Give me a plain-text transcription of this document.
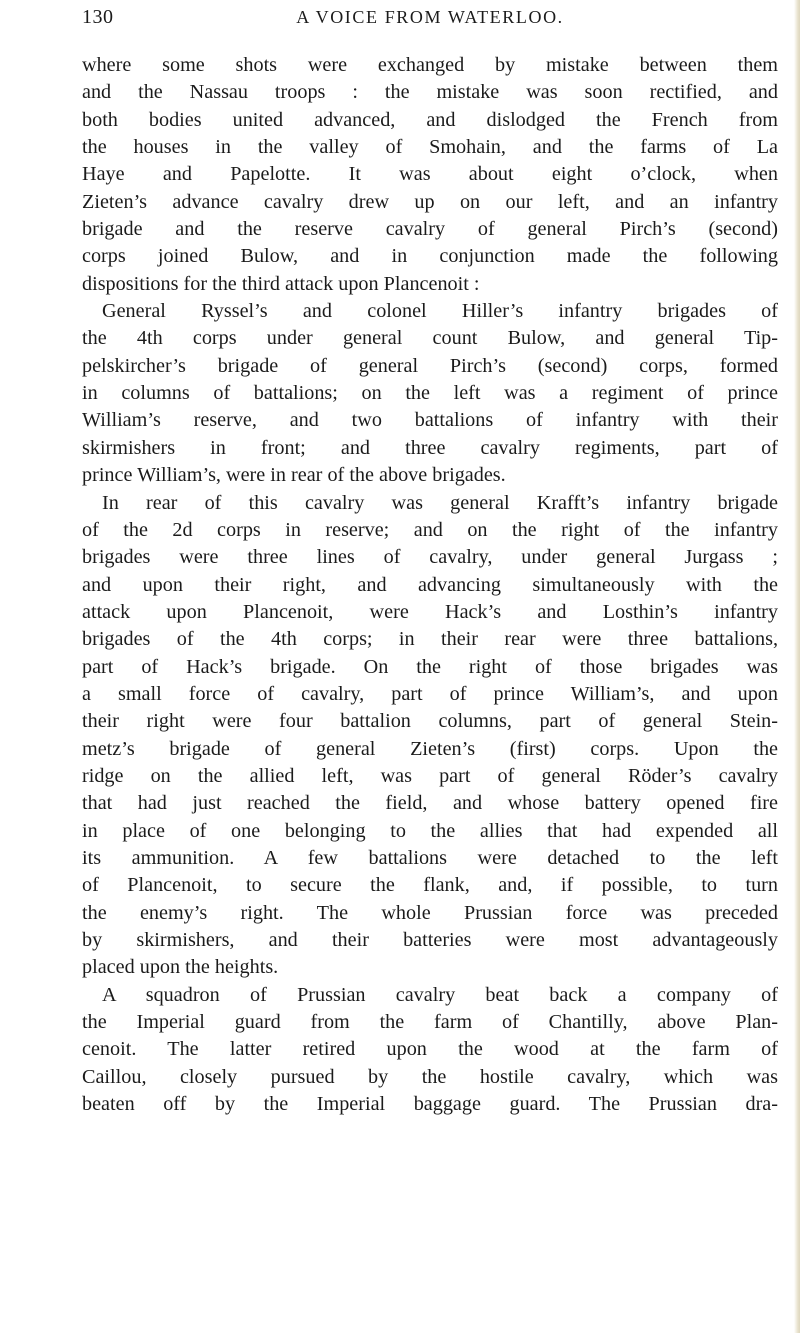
130	A VOICE FROM WATERLOO.
where some shots were exchanged by mistake between them
and the Nassau troops : the mistake was soon rectified, and
both bodies united advanced, and dislodged the French from
the houses in the valley of Smohain, and the farms of La
Haye and Papelotte. It was about eight o’clock, when
Zieten’s advance cavalry drew up on our left, and an infantry
brigade and the reserve cavalry of general Pirch’s (second)
corps joined Bulow, and in conjunction made the following
dispositions for the third attack upon Plancenoit :
General Ryssel’s and colonel Hiller’s infantry brigades of
the 4th corps under general count Bulow, and general Tip-
pelskircher’s brigade of general Pirch’s (second) corps, formed
in columns of battalions; on the left was a regiment of prince
William’s reserve, and two battalions of infantry with their
skirmishers in front; and three cavalry regiments, part of
prince William’s, were in rear of the above brigades.
In rear of this cavalry was general Krafft’s infantry brigade
of the 2d corps in reserve; and on the right of the infantry
brigades were three lines of cavalry, under general Jurgass ;
and upon their right, and advancing simultaneously with the
attack upon Plancenoit, were Hack’s and Losthin’s infantry
brigades of the 4th corps; in their rear were three battalions,
part of Hack’s brigade. On the right of those brigades was
a small force of cavalry, part of prince William’s, and upon
their right were four battalion columns, part of general Stein-
metz’s brigade of general Zieten’s (first) corps. Upon the
ridge on the allied left, was part of general Röder’s cavalry
that had just reached the field, and whose battery opened fire
in place of one belonging to the allies that had expended all
its ammunition. A few battalions were detached to the left
of Plancenoit, to secure the flank, and, if possible, to turn
the enemy’s right. The whole Prussian force was preceded
by skirmishers, and their batteries were most advantageously
placed upon the heights.
A squadron of Prussian cavalry beat back a company of
the Imperial guard from the farm of Chantilly, above Plan-
cenoit. The latter retired upon the wood at the farm of
Caillou, closely pursued by the hostile cavalry, which was
beaten off by the Imperial baggage guard. The Prussian dra-
